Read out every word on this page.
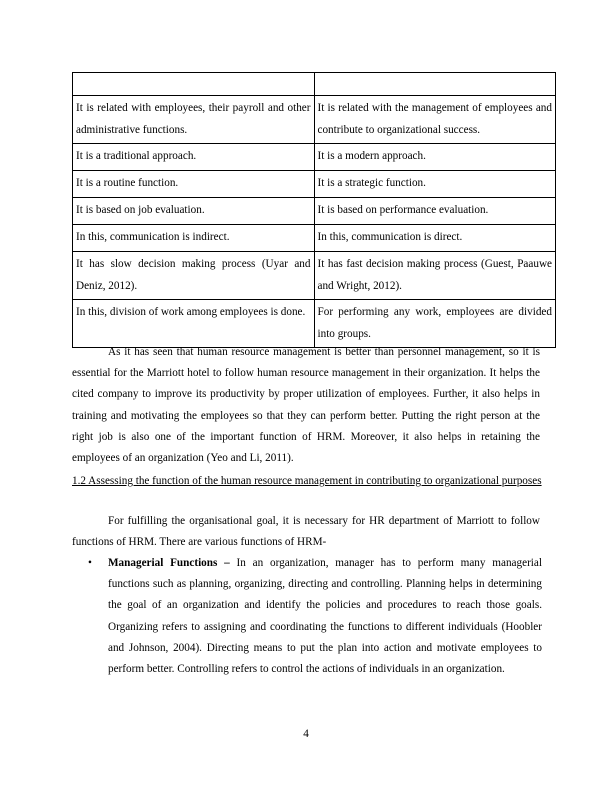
It is related with employees, their payroll and other administrative functions.	It is related with the management of employees and contribute to organizational success.
It is a traditional approach.	It is a modern approach.
It is a routine function.	It is a strategic function.
It is based on job evaluation.	It is based on performance evaluation.
In this, communication is indirect.	In this, communication is direct.
It has slow decision making process (Uyar and Deniz, 2012).	It has fast decision making process (Guest, Paauwe and Wright, 2012).
In this, division of work among employees is done.	For performing any work, employees are divided into groups.

As it has seen that human resource management is better than personnel management, so it is essential for the Marriott hotel to follow human resource management in their organization. It helps the cited company to improve its productivity by proper utilization of employees. Further, it also helps in training and motivating the employees so that they can perform better. Putting the right person at the right job is also one of the important function of HRM. Moreover, it also helps in retaining the employees of an organization (Yeo and Li, 2011).

1.2 Assessing the function of the human resource management in contributing to organizational purposes

For fulfilling the organisational goal, it is necessary for HR department of Marriott to follow functions of HRM. There are various functions of HRM-

• Managerial Functions – In an organization, manager has to perform many managerial functions such as planning, organizing, directing and controlling. Planning helps in determining the goal of an organization and identify the policies and procedures to reach those goals. Organizing refers to assigning and coordinating the functions to different individuals (Hoobler and Johnson, 2004). Directing means to put the plan into action and motivate employees to perform better. Controlling refers to control the actions of individuals in an organization.
4
